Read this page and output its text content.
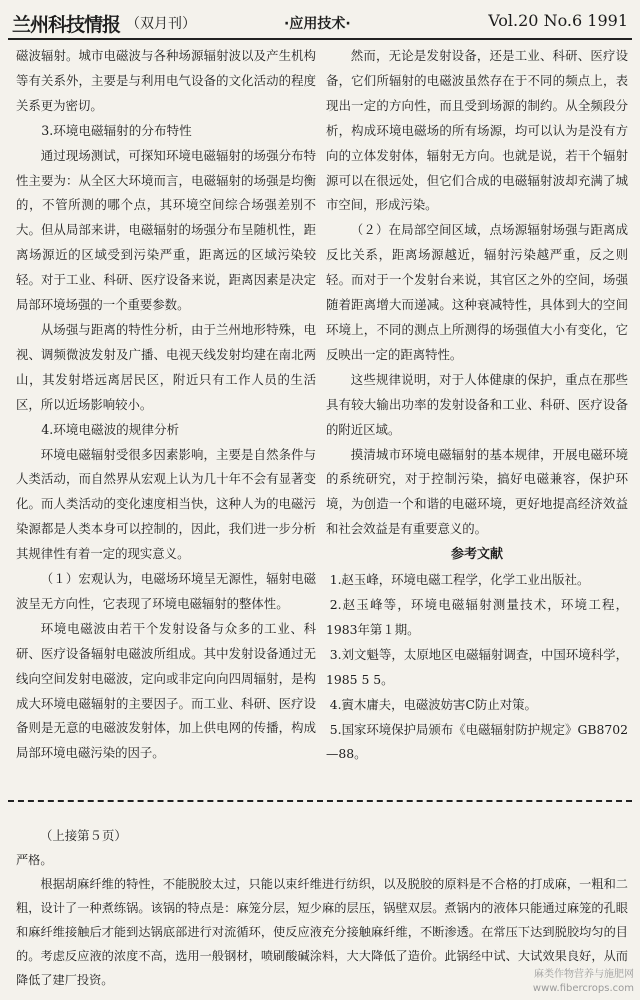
兰州科技情报 （双月刊）	·应用技术·	Vol.20 No.6 1991

磁波辐射。城市电磁波与各种场源辐射波以及产生机构等有关系外，主要是与利用电气设备的文化活动的程度关系更为密切。

3.环境电磁辐射的分布特性

通过现场测试，可探知环境电磁辐射的场强分布特性主要为：从全区大环境而言，电磁辐射的场强是均衡的，不管所测的哪个点，其环境空间综合场强差别不大。但从局部来讲，电磁辐射的场强分布呈随机性，距离场源近的区域受到污染严重，距离远的区域污染较轻。对于工业、科研、医疗设备来说，距离因素是决定局部环境场强的一个重要参数。

从场强与距离的特性分析，由于兰州地形特殊，电视、调频微波发射及广播、电视天线发射均建在南北两山，其发射塔远离居民区，附近只有工作人员的生活区，所以近场影响较小。

4.环境电磁波的规律分析

环境电磁辐射受很多因素影响，主要是自然条件与人类活动，而自然界从宏观上认为几十年不会有显著变化。而人类活动的变化速度相当快，这种人为的电磁污染源都是人类本身可以控制的，因此，我们进一步分析其规律性有着一定的现实意义。

（１）宏观认为，电磁场环境呈无源性，辐射电磁波呈无方向性，它表现了环境电磁辐射的整体性。

环境电磁波由若干个发射设备与众多的工业、科研、医疗设备辐射电磁波所组成。其中发射设备通过无线向空间发射电磁波，定向或非定向向四周辐射，是构成大环境电磁辐射的主要因子。而工业、科研、医疗设备则是无意的电磁波发射体，加上供电网的传播，构成局部环境电磁污染的因子。

然而，无论是发射设备，还是工业、科研、医疗设备，它们所辐射的电磁波虽然存在于不同的频点上，表现出一定的方向性，而且受到场源的制约。从全频段分析，构成环境电磁场的所有场源，均可以认为是没有方向的立体发射体，辐射无方向。也就是说，若干个辐射源可以在很远处，但它们合成的电磁辐射波却充满了城市空间，形成污染。

（２）在局部空间区域，点场源辐射场强与距离成反比关系，距离场源越近，辐射污染越严重，反之则轻。而对于一个发射台来说，其官区之外的空间，场强随着距离增大而递减。这种衰减特性，具体到大的空间环境上，不同的测点上所测得的场强值大小有变化，它反映出一定的距离特性。

这些规律说明，对于人体健康的保护，重点在那些具有较大输出功率的发射设备和工业、科研、医疗设备的附近区域。

摸清城市环境电磁辐射的基本规律，开展电磁环境的系统研究，对于控制污染，搞好电磁兼容，保护环境，为创造一个和谐的电磁环境，更好地提高经济效益和社会效益是有重要意义的。

参考文献

1.赵玉峰，环境电磁工程学，化学工业出版社。

2.赵玉峰等，环境电磁辐射测量技术，环境工程，1983年第１期。

3.刘文魁等，太原地区电磁辐射调查，中国环境科学，1985 5 5。

4.賨木庸夫，电磁波妨害C防止对策。

5.国家环境保护局颁布《电磁辐射防护规定》GB8702—88。

（上接第５页）

严格。

根据胡麻纤维的特性，不能脱胶太过，只能以束纤维进行纺织，以及脱胶的原料是不合格的打成麻，一粗和二粗，设计了一种煮练锅。该锅的特点是：麻笼分层，短少麻的层压，锅壁双层。煮锅内的液体只能通过麻笼的孔眼和麻纤维接触后才能到达锅底部进行对流循环，使反应液充分接触麻纤维，不断渗透。在常压下达到脱胶均匀的目的。考虑反应液的浓度不高，选用一般钢材，喷刷酸碱涂料，大大降低了造价。此锅经中试、大试效果良好，从而降低了建厂投资。	麻类作物营养与施肥网
www.fibercrops.com
